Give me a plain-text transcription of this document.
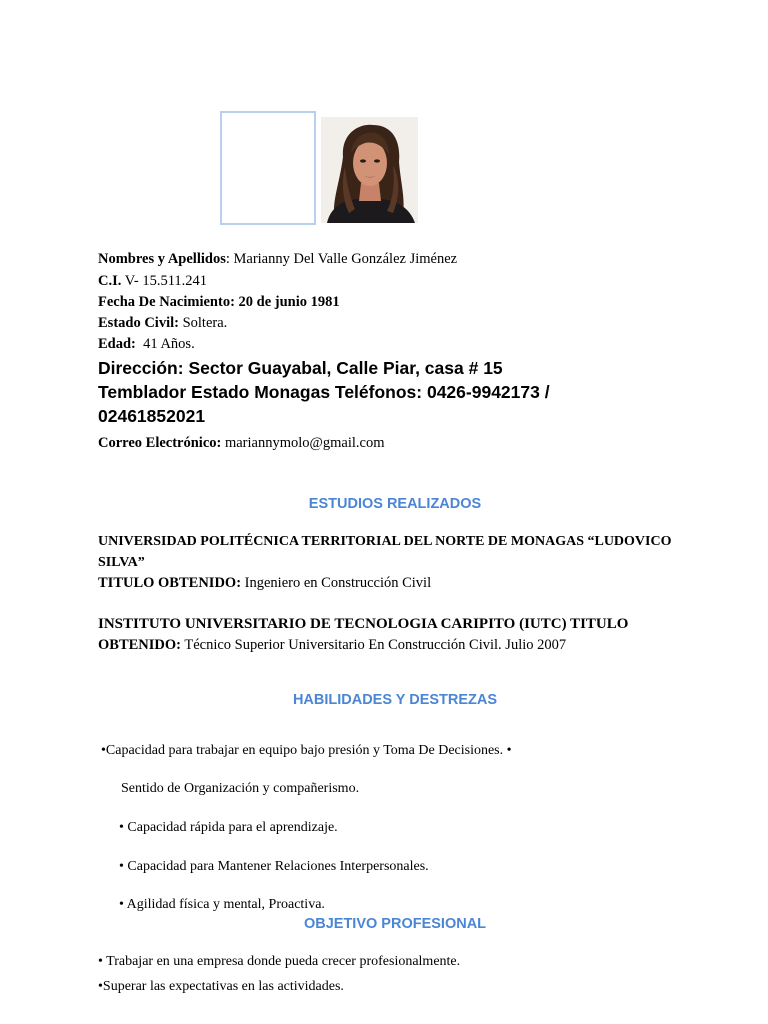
Nombres y Apellidos: Marianny Del Valle González Jiménez
C.I. V- 15.511.241
Fecha De Nacimiento: 20 de junio 1981
Estado Civil: Soltera.
Edad:  41 Años.
Dirección: Sector Guayabal, Calle Piar, casa # 15
Temblador Estado Monagas Teléfonos: 0426-9942173 /
02461852021
Correo Electrónico: mariannymolo@gmail.com
ESTUDIOS REALIZADOS
UNIVERSIDAD POLITÉCNICA TERRITORIAL DEL NORTE DE MONAGAS “LUDOVICO
SILVA”
TITULO OBTENIDO: Ingeniero en Construcción Civil
INSTITUTO UNIVERSITARIO DE TECNOLOGIA CARIPITO (IUTC) TITULO
OBTENIDO: Técnico Superior Universitario En Construcción Civil. Julio 2007
HABILIDADES Y DESTREZAS
•Capacidad para trabajar en equipo bajo presión y Toma De Decisiones. •
Sentido de Organización y compañerismo.
• Capacidad rápida para el aprendizaje.
• Capacidad para Mantener Relaciones Interpersonales.
• Agilidad física y mental, Proactiva.
OBJETIVO PROFESIONAL
• Trabajar en una empresa donde pueda crecer profesionalmente.
•Superar las expectativas en las actividades.
